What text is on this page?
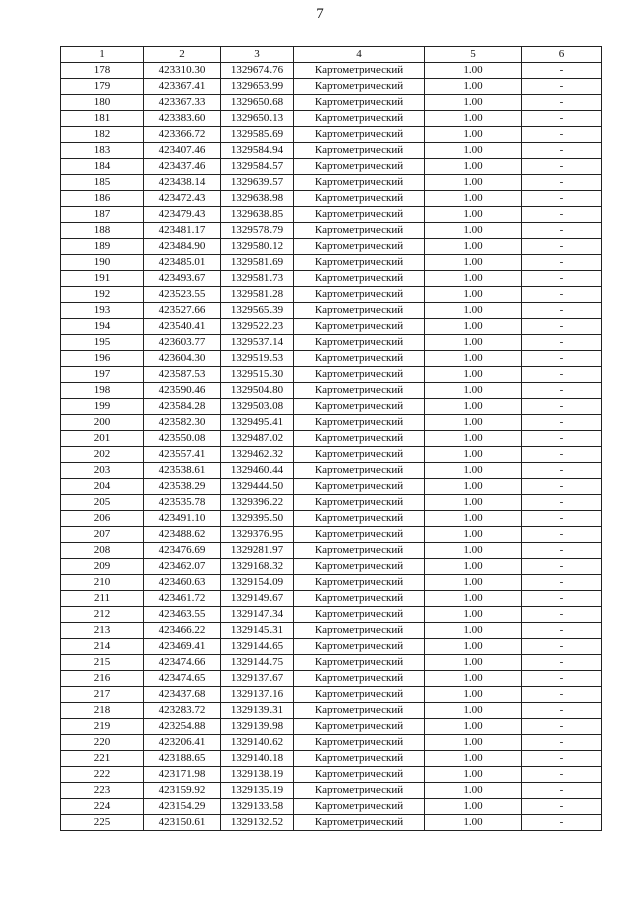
7
1	2	3	4	5	6
178	423310.30	1329674.76	Картометрический	1.00	-
179	423367.41	1329653.99	Картометрический	1.00	-
180	423367.33	1329650.68	Картометрический	1.00	-
181	423383.60	1329650.13	Картометрический	1.00	-
182	423366.72	1329585.69	Картометрический	1.00	-
183	423407.46	1329584.94	Картометрический	1.00	-
184	423437.46	1329584.57	Картометрический	1.00	-
185	423438.14	1329639.57	Картометрический	1.00	-
186	423472.43	1329638.98	Картометрический	1.00	-
187	423479.43	1329638.85	Картометрический	1.00	-
188	423481.17	1329578.79	Картометрический	1.00	-
189	423484.90	1329580.12	Картометрический	1.00	-
190	423485.01	1329581.69	Картометрический	1.00	-
191	423493.67	1329581.73	Картометрический	1.00	-
192	423523.55	1329581.28	Картометрический	1.00	-
193	423527.66	1329565.39	Картометрический	1.00	-
194	423540.41	1329522.23	Картометрический	1.00	-
195	423603.77	1329537.14	Картометрический	1.00	-
196	423604.30	1329519.53	Картометрический	1.00	-
197	423587.53	1329515.30	Картометрический	1.00	-
198	423590.46	1329504.80	Картометрический	1.00	-
199	423584.28	1329503.08	Картометрический	1.00	-
200	423582.30	1329495.41	Картометрический	1.00	-
201	423550.08	1329487.02	Картометрический	1.00	-
202	423557.41	1329462.32	Картометрический	1.00	-
203	423538.61	1329460.44	Картометрический	1.00	-
204	423538.29	1329444.50	Картометрический	1.00	-
205	423535.78	1329396.22	Картометрический	1.00	-
206	423491.10	1329395.50	Картометрический	1.00	-
207	423488.62	1329376.95	Картометрический	1.00	-
208	423476.69	1329281.97	Картометрический	1.00	-
209	423462.07	1329168.32	Картометрический	1.00	-
210	423460.63	1329154.09	Картометрический	1.00	-
211	423461.72	1329149.67	Картометрический	1.00	-
212	423463.55	1329147.34	Картометрический	1.00	-
213	423466.22	1329145.31	Картометрический	1.00	-
214	423469.41	1329144.65	Картометрический	1.00	-
215	423474.66	1329144.75	Картометрический	1.00	-
216	423474.65	1329137.67	Картометрический	1.00	-
217	423437.68	1329137.16	Картометрический	1.00	-
218	423283.72	1329139.31	Картометрический	1.00	-
219	423254.88	1329139.98	Картометрический	1.00	-
220	423206.41	1329140.62	Картометрический	1.00	-
221	423188.65	1329140.18	Картометрический	1.00	-
222	423171.98	1329138.19	Картометрический	1.00	-
223	423159.92	1329135.19	Картометрический	1.00	-
224	423154.29	1329133.58	Картометрический	1.00	-
225	423150.61	1329132.52	Картометрический	1.00	-
